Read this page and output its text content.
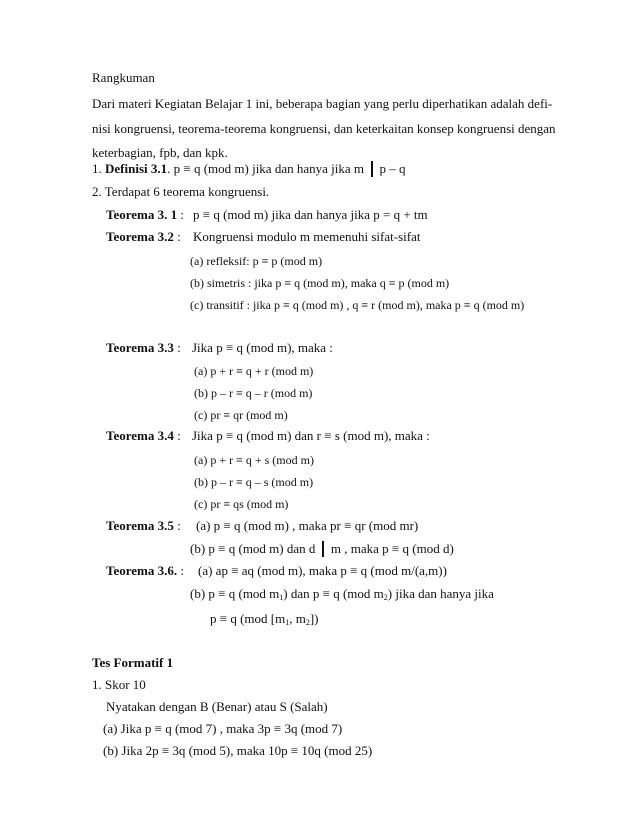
Rangkuman
Dari materi Kegiatan Belajar 1 ini, beberapa bagian yang perlu diperhatikan adalah defi-
nisi kongruensi, teorema-teorema kongruensi, dan keterkaitan konsep kongruensi dengan
keterbagian, fpb, dan kpk.
1. Definisi 3.1. p ≡ q (mod m) jika dan hanya jika m p – q
2. Terdapat 6 teorema kongruensi.
Teorema 3. 1 : p ≡ q (mod m) jika dan hanya jika p = q + tm
Teorema 3.2 : Kongruensi modulo m memenuhi sifat-sifat
(a) refleksif: p ≡ p (mod m)
(b) simetris : jika p ≡ q (mod m), maka q ≡ p (mod m)
(c) transitif : jika p ≡ q (mod m) , q ≡ r (mod m), maka p ≡ q (mod m)
Teorema 3.3 : Jika p ≡ q (mod m), maka :
(a) p + r ≡ q + r (mod m)
(b) p – r ≡ q – r (mod m)
(c) pr ≡ qr (mod m)
Teorema 3.4 : Jika p ≡ q (mod m) dan r ≡ s (mod m), maka :
(a) p + r ≡ q + s (mod m)
(b) p – r ≡ q – s (mod m)
(c) pr ≡ qs (mod m)
Teorema 3.5 : (a) p ≡ q (mod m) , maka pr ≡ qr (mod mr)
(b) p ≡ q (mod m) dan d m , maka p ≡ q (mod d)
Teorema 3.6. : (a) ap ≡ aq (mod m), maka p ≡ q (mod m/(a,m))
(b) p ≡ q (mod $m_1$) dan p ≡ q (mod $m_2$) jika dan hanya jika
p ≡ q (mod [$m_1$, $m_2$])
Tes Formatif 1
1. Skor 10
Nyatakan dengan B (Benar) atau S (Salah)
(a) Jika p ≡ q (mod 7) , maka 3p ≡ 3q (mod 7)
(b) Jika 2p ≡ 3q (mod 5), maka 10p ≡ 10q (mod 25)
